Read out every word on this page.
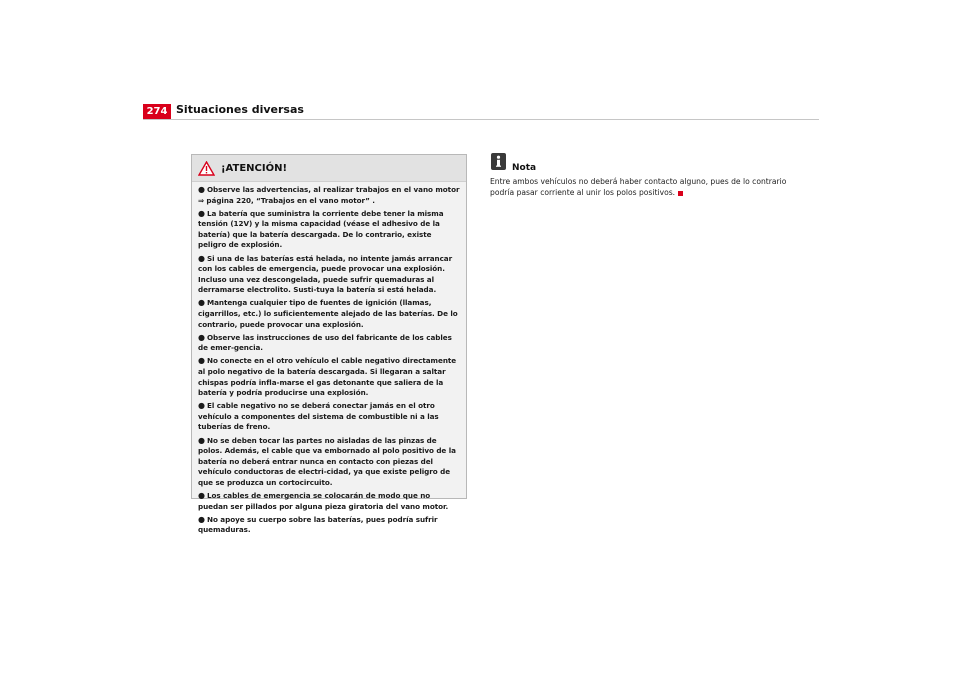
274 Situaciones diversas
¡ATENCIÓN!
● Observe las advertencias, al realizar trabajos en el vano motor ⇒ página 220, “Trabajos en el vano motor” .
● La batería que suministra la corriente debe tener la misma tensión (12V) y la misma capacidad (véase el adhesivo de la batería) que la batería descargada. De lo contrario, existe peligro de explosión.
● Si una de las baterías está helada, no intente jamás arrancar con los cables de emergencia, puede provocar una explosión. Incluso una vez descongelada, puede sufrir quemaduras al derramarse electrolito. Susti-tuya la batería si está helada.
● Mantenga cualquier tipo de fuentes de ignición (llamas, cigarrillos, etc.) lo suficientemente alejado de las baterías. De lo contrario, puede provocar una explosión.
● Observe las instrucciones de uso del fabricante de los cables de emer-gencia.
● No conecte en el otro vehículo el cable negativo directamente al polo negativo de la batería descargada. Si llegaran a saltar chispas podría infla-marse el gas detonante que saliera de la batería y podría producirse una explosión.
● El cable negativo no se deberá conectar jamás en el otro vehículo a componentes del sistema de combustible ni a las tuberías de freno.
● No se deben tocar las partes no aisladas de las pinzas de polos. Además, el cable que va embornado al polo positivo de la batería no deberá entrar nunca en contacto con piezas del vehículo conductoras de electri-cidad, ya que existe peligro de que se produzca un cortocircuito.
● Los cables de emergencia se colocarán de modo que no puedan ser pillados por alguna pieza giratoria del vano motor.
● No apoye su cuerpo sobre las baterías, pues podría sufrir quemaduras.
Nota
Entre ambos vehículos no deberá haber contacto alguno, pues de lo contrario podría pasar corriente al unir los polos positivos.
